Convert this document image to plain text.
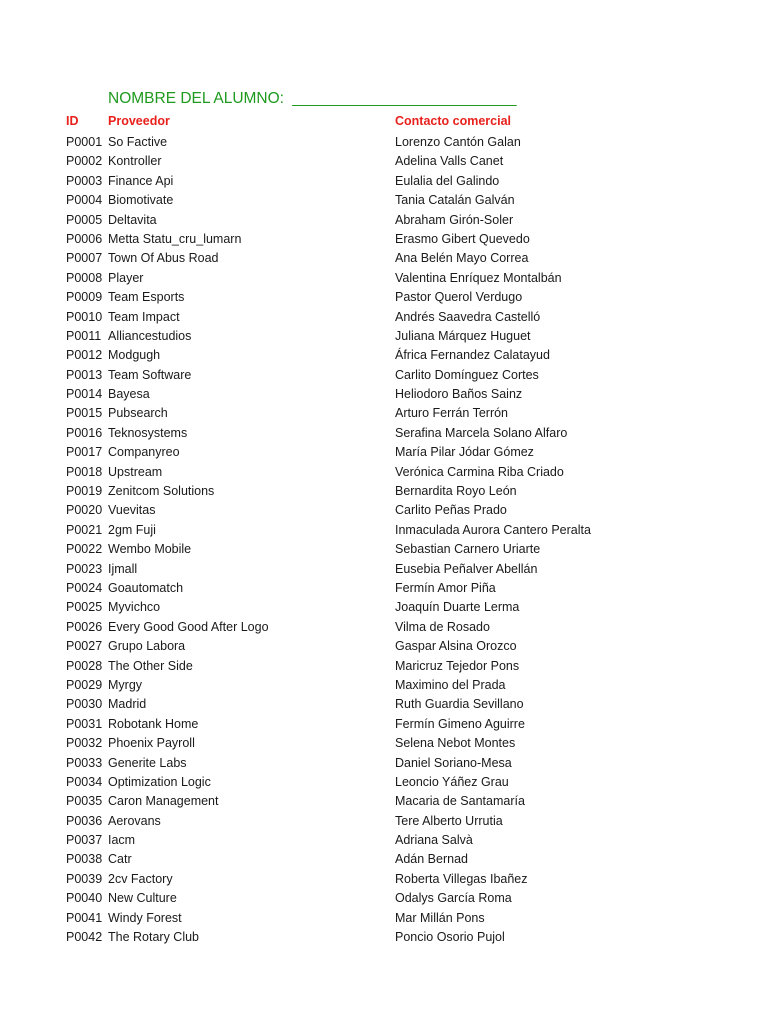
NOMBRE DEL ALUMNO: __________________________
ID Proveedor	Contacto comercial
P0001 So Factive	Lorenzo Cantón Galan
P0002 Kontroller	Adelina Valls Canet
P0003 Finance Api	Eulalia del Galindo
P0004 Biomotivate	Tania Catalán Galván
P0005 Deltavita	Abraham Girón-Soler
P0006 Metta Statu_cru_lumarn	Erasmo Gibert Quevedo
P0007 Town Of Abus Road	Ana Belén Mayo Correa
P0008 Player	Valentina Enríquez Montalbán
P0009 Team Esports	Pastor Querol Verdugo
P0010 Team Impact	Andrés Saavedra Castelló
P0011 Alliancestudios	Juliana Márquez Huguet
P0012 Modgugh	África Fernandez Calatayud
P0013 Team Software	Carlito Domínguez Cortes
P0014 Bayesa	Heliodoro Baños Sainz
P0015 Pubsearch	Arturo Ferrán Terrón
P0016 Teknosystems	Serafina Marcela Solano Alfaro
P0017 Companyreo	María Pilar Jódar Gómez
P0018 Upstream	Verónica Carmina Riba Criado
P0019 Zenitcom Solutions	Bernardita Royo León
P0020 Vuevitas	Carlito Peñas Prado
P0021 2gm Fuji	Inmaculada Aurora Cantero Peralta
P0022 Wembo Mobile	Sebastian Carnero Uriarte
P0023 Ijmall	Eusebia Peñalver Abellán
P0024 Goautomatch	Fermín Amor Piña
P0025 Myvichco	Joaquín Duarte Lerma
P0026 Every Good Good After Logo	Vilma de Rosado
P0027 Grupo Labora	Gaspar Alsina Orozco
P0028 The Other Side	Maricruz Tejedor Pons
P0029 Myrgy	Maximino del Prada
P0030 Madrid	Ruth Guardia Sevillano
P0031 Robotank Home	Fermín Gimeno Aguirre
P0032 Phoenix Payroll	Selena Nebot Montes
P0033 Generite Labs	Daniel Soriano-Mesa
P0034 Optimization Logic	Leoncio Yáñez Grau
P0035 Caron Management	Macaria de Santamaría
P0036 Aerovans	Tere Alberto Urrutia
P0037 Iacm	Adriana Salvà
P0038 Catr	Adán Bernad
P0039 2cv Factory	Roberta Villegas Ibañez
P0040 New Culture	Odalys García Roma
P0041 Windy Forest	Mar Millán Pons
P0042 The Rotary Club	Poncio Osorio Pujol
